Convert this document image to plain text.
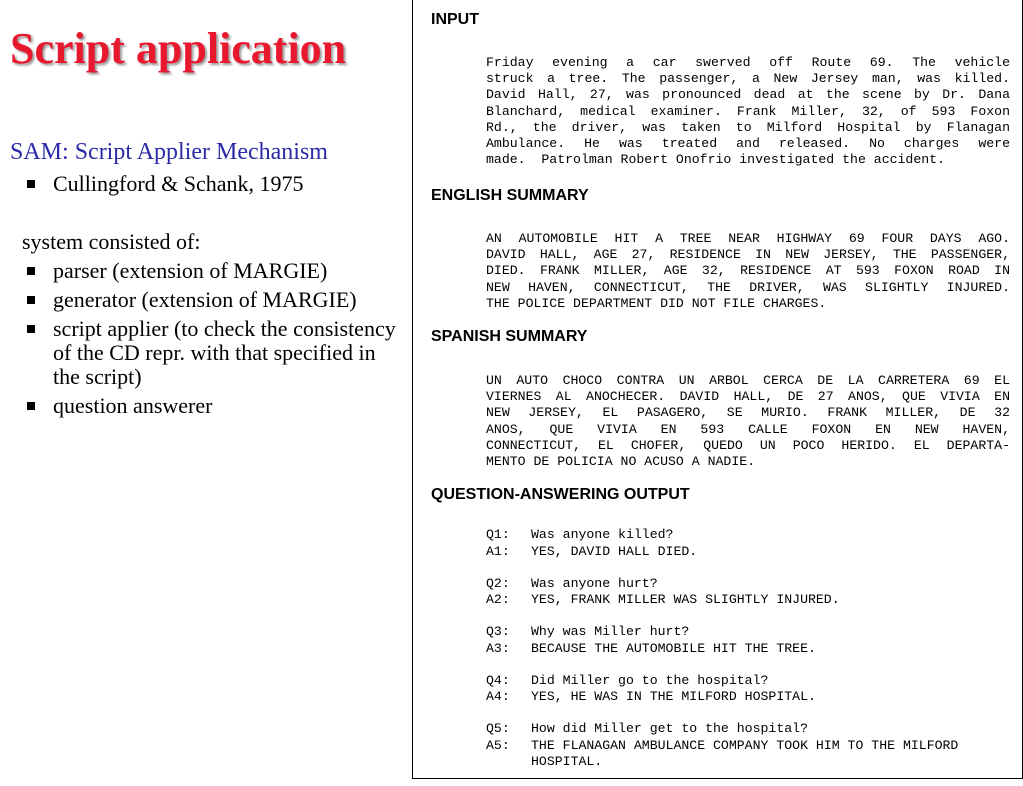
Script application
SAM: Script Applier Mechanism
Cullingford & Schank, 1975
system consisted of:
parser (extension of MARGIE)
generator (extension of MARGIE)
script applier (to check the consistency of the CD repr. with that specified in the script)
question answerer
INPUT
Friday evening a car swerved off Route 69. The vehicle
struck a tree. The passenger, a New Jersey man, was killed.
David Hall, 27, was pronounced dead at the scene by Dr. Dana
Blanchard, medical examiner. Frank Miller, 32, of 593 Foxon
Rd., the driver, was taken to Milford Hospital by Flanagan
Ambulance. He was treated and released. No charges were
made.  Patrolman Robert Onofrio investigated the accident.
ENGLISH SUMMARY
AN AUTOMOBILE HIT A TREE NEAR HIGHWAY 69 FOUR DAYS AGO.
DAVID HALL, AGE 27, RESIDENCE IN NEW JERSEY, THE PASSENGER,
DIED. FRANK MILLER, AGE 32, RESIDENCE AT 593 FOXON ROAD IN
NEW HAVEN, CONNECTICUT, THE DRIVER, WAS SLIGHTLY INJURED.
THE POLICE DEPARTMENT DID NOT FILE CHARGES.
SPANISH SUMMARY
UN AUTO CHOCO CONTRA UN ARBOL CERCA DE LA CARRETERA 69 EL
VIERNES AL ANOCHECER. DAVID HALL, DE 27 ANOS, QUE VIVIA EN
NEW JERSEY, EL PASAGERO, SE MURIO. FRANK MILLER, DE 32
ANOS, QUE VIVIA EN 593 CALLE FOXON EN NEW HAVEN,
CONNECTICUT, EL CHOFER, QUEDO UN POCO HERIDO. EL DEPARTA-
MENTO DE POLICIA NO ACUSO A NADIE.
QUESTION-ANSWERING OUTPUT
Q1:	Was anyone killed?
A1:	YES, DAVID HALL DIED.
Q2:	Was anyone hurt?
A2:	YES, FRANK MILLER WAS SLIGHTLY INJURED.
Q3:	Why was Miller hurt?
A3:	BECAUSE THE AUTOMOBILE HIT THE TREE.
Q4:	Did Miller go to the hospital?
A4:	YES, HE WAS IN THE MILFORD HOSPITAL.
Q5:	How did Miller get to the hospital?
A5:	THE FLANAGAN AMBULANCE COMPANY TOOK HIM TO THE MILFORD
HOSPITAL.
